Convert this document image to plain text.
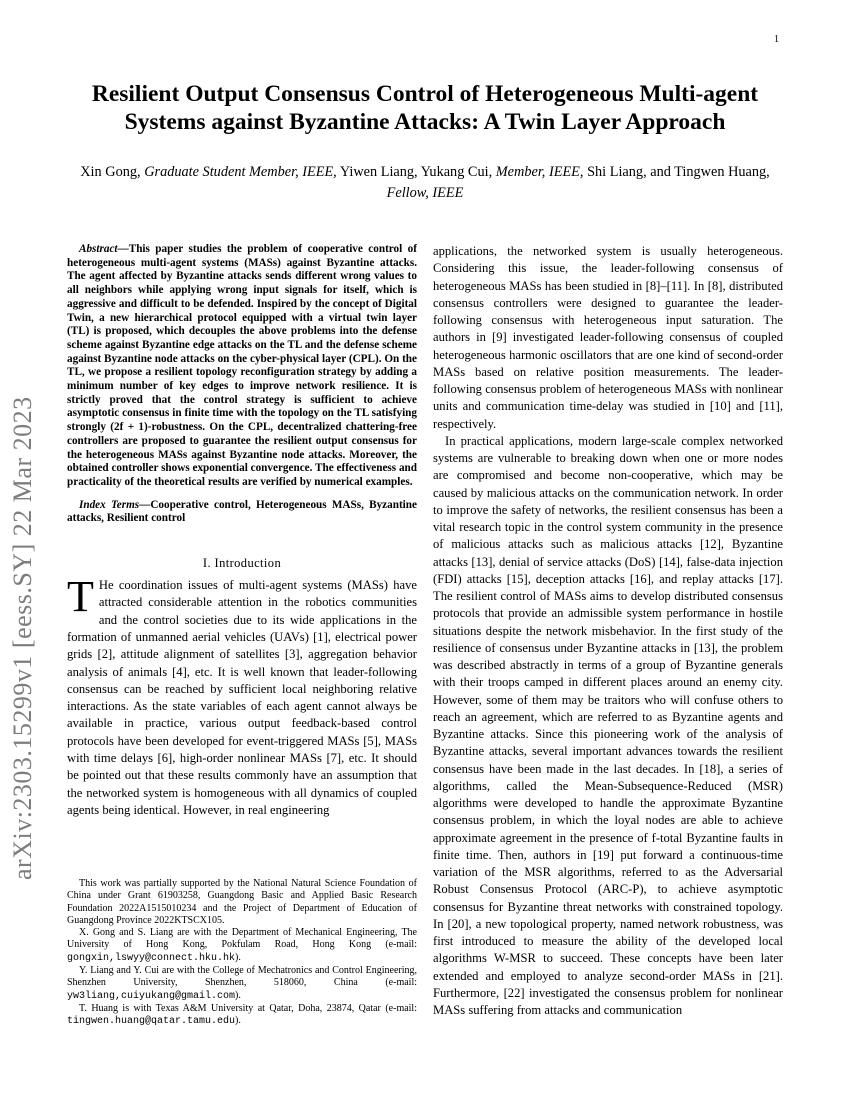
1
arXiv:2303.15299v1 [eess.SY] 22 Mar 2023
Resilient Output Consensus Control of Heterogeneous Multi-agent Systems against Byzantine Attacks: A Twin Layer Approach
Xin Gong, Graduate Student Member, IEEE, Yiwen Liang, Yukang Cui, Member, IEEE, Shi Liang, and Tingwen Huang, Fellow, IEEE

Abstract—This paper studies the problem of cooperative control of heterogeneous multi-agent systems (MASs) against Byzantine attacks. The agent affected by Byzantine attacks sends different wrong values to all neighbors while applying wrong input signals for itself, which is aggressive and difficult to be defended. Inspired by the concept of Digital Twin, a new hierarchical protocol equipped with a virtual twin layer (TL) is proposed, which decouples the above problems into the defense scheme against Byzantine edge attacks on the TL and the defense scheme against Byzantine node attacks on the cyber-physical layer (CPL). On the TL, we propose a resilient topology reconfiguration strategy by adding a minimum number of key edges to improve network resilience. It is strictly proved that the control strategy is sufficient to achieve asymptotic consensus in finite time with the topology on the TL satisfying strongly (2f + 1)-robustness. On the CPL, decentralized chattering-free controllers are proposed to guarantee the resilient output consensus for the heterogeneous MASs against Byzantine node attacks. Moreover, the obtained controller shows exponential convergence. The effectiveness and practicality of the theoretical results are verified by numerical examples.

Index Terms—Cooperative control, Heterogeneous MASs, Byzantine attacks, Resilient control

I. Introduction

T He coordination issues of multi-agent systems (MASs) have attracted considerable attention in the robotics communities and the control societies due to its wide applications in the formation of unmanned aerial vehicles (UAVs) [1], electrical power grids [2], attitude alignment of satellites [3], aggregation behavior analysis of animals [4], etc. It is well known that leader-following consensus can be reached by sufficient local neighboring relative interactions. As the state variables of each agent cannot always be available in practice, various output feedback-based control protocols have been developed for event-triggered MASs [5], MASs with time delays [6], high-order nonlinear MASs [7], etc. It should be pointed out that these results commonly have an assumption that the networked system is homogeneous with all dynamics of coupled agents being identical. However, in real engineering

This work was partially supported by the National Natural Science Foundation of China under Grant 61903258, Guangdong Basic and Applied Basic Research Foundation 2022A1515010234 and the Project of Department of Education of Guangdong Province 2022KTSCX105.

X. Gong and S. Liang are with the Department of Mechanical Engineering, The University of Hong Kong, Pokfulam Road, Hong Kong (e-mail: gongxin,lswyy@connect.hku.hk).

Y. Liang and Y. Cui are with the College of Mechatronics and Control Engineering, Shenzhen University, Shenzhen, 518060, China (e-mail: yw3liang,cuiyukang@gmail.com).

T. Huang is with Texas A&M University at Qatar, Doha, 23874, Qatar (e-mail: tingwen.huang@qatar.tamu.edu).

applications, the networked system is usually heterogeneous. Considering this issue, the leader-following consensus of heterogeneous MASs has been studied in [8]–[11]. In [8], distributed consensus controllers were designed to guarantee the leader-following consensus with heterogeneous input saturation. The authors in [9] investigated leader-following consensus of coupled heterogeneous harmonic oscillators that are one kind of second-order MASs based on relative position measurements. The leader-following consensus problem of heterogeneous MASs with nonlinear units and communication time-delay was studied in [10] and [11], respectively.

In practical applications, modern large-scale complex networked systems are vulnerable to breaking down when one or more nodes are compromised and become non-cooperative, which may be caused by malicious attacks on the communication network. In order to improve the safety of networks, the resilient consensus has been a vital research topic in the control system community in the presence of malicious attacks such as malicious attacks [12], Byzantine attacks [13], denial of service attacks (DoS) [14], false-data injection (FDI) attacks [15], deception attacks [16], and replay attacks [17]. The resilient control of MASs aims to develop distributed consensus protocols that provide an admissible system performance in hostile situations despite the network misbehavior. In the first study of the resilience of consensus under Byzantine attacks in [13], the problem was described abstractly in terms of a group of Byzantine generals with their troops camped in different places around an enemy city. However, some of them may be traitors who will confuse others to reach an agreement, which are referred to as Byzantine agents and Byzantine attacks. Since this pioneering work of the analysis of Byzantine attacks, several important advances towards the resilient consensus have been made in the last decades. In [18], a series of algorithms, called the Mean-Subsequence-Reduced (MSR) algorithms were developed to handle the approximate Byzantine consensus problem, in which the loyal nodes are able to achieve approximate agreement in the presence of f-total Byzantine faults in finite time. Then, authors in [19] put forward a continuous-time variation of the MSR algorithms, referred to as the Adversarial Robust Consensus Protocol (ARC-P), to achieve asymptotic consensus for Byzantine threat networks with constrained topology. In [20], a new topological property, named network robustness, was first introduced to measure the ability of the developed local algorithms W-MSR to succeed. These concepts have been later extended and employed to analyze second-order MASs in [21]. Furthermore, [22] investigated the consensus problem for nonlinear MASs suffering from attacks and communication
